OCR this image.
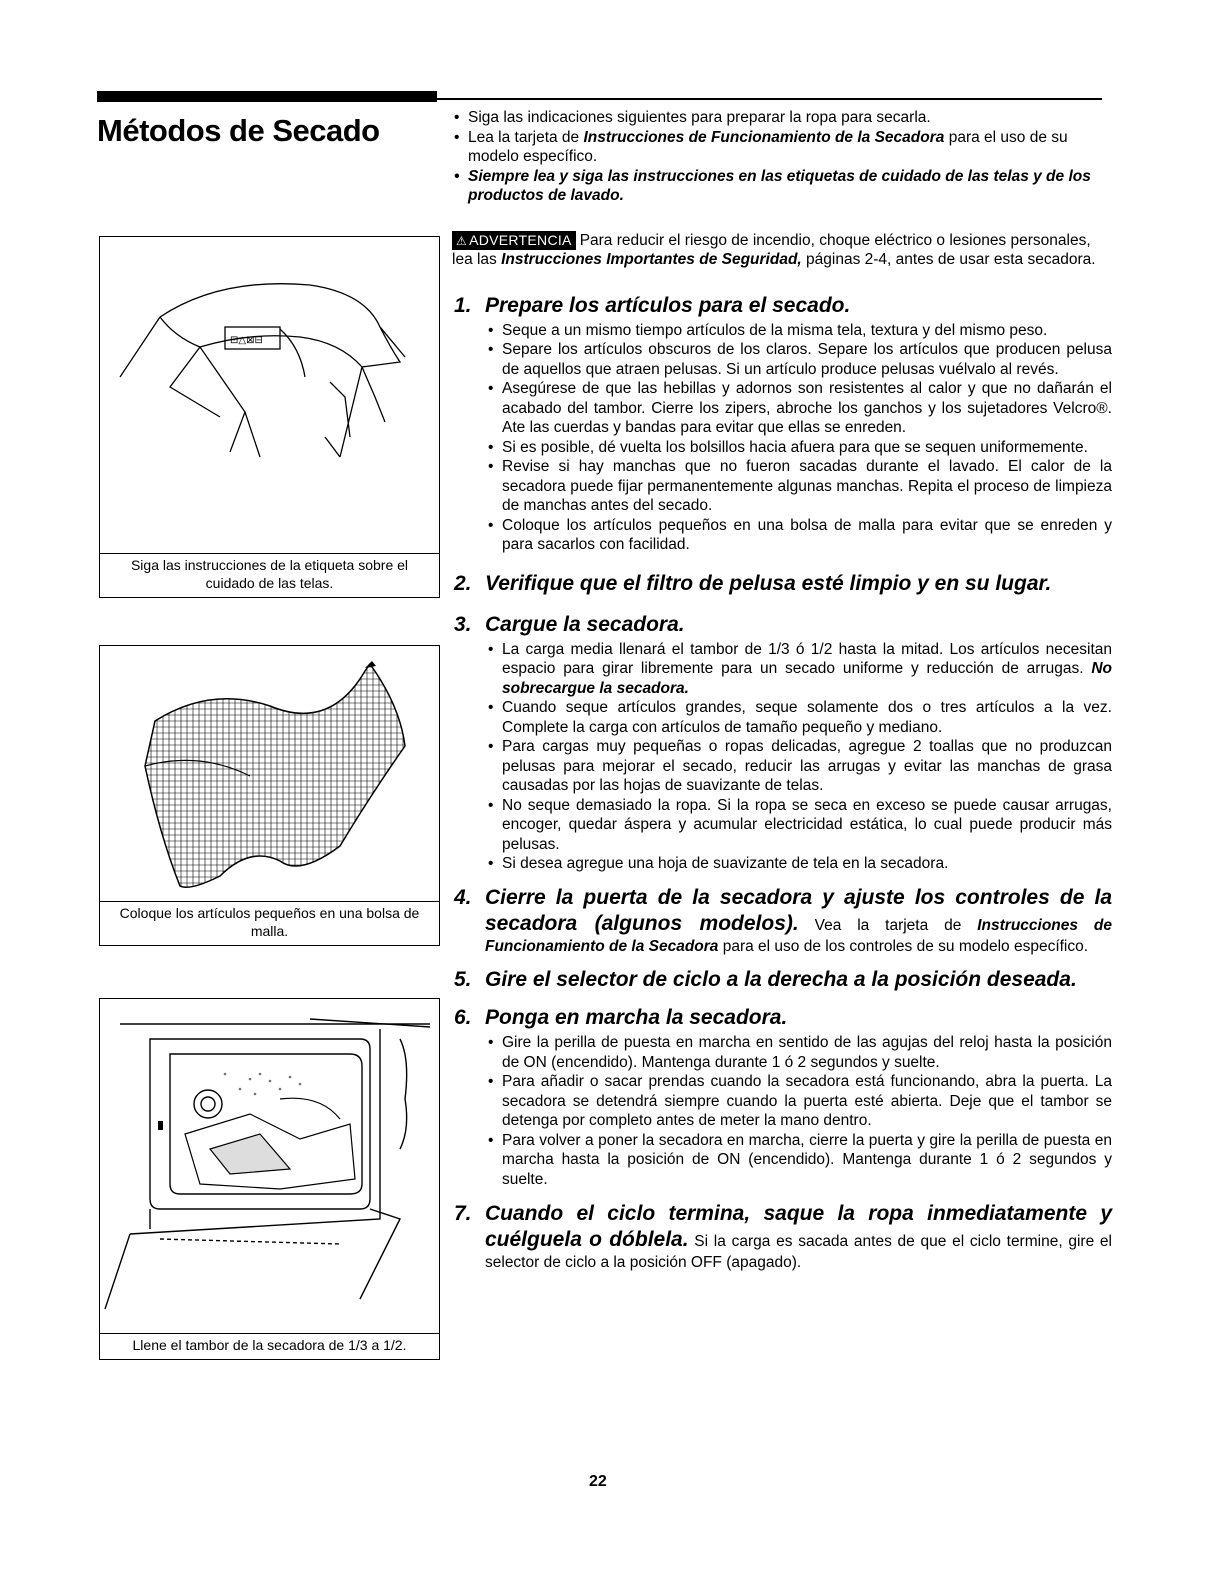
Métodos de Secado
⊡△⊠⊟
Siga las instrucciones de la etiqueta sobre el cuidado de las telas.
Coloque los artículos pequeños en una bolsa de malla.
Llene el tambor de la secadora de 1/3 a 1/2.
• Siga las indicaciones siguientes para preparar la ropa para secarla.
• Lea la tarjeta de Instrucciones de Funcionamiento de la Secadora para el uso de su modelo específico.
• Siempre lea y siga las instrucciones en las etiquetas de cuidado de las telas y de los productos de lavado.

⚠ ADVERTENCIA Para reducir el riesgo de incendio, choque eléctrico o lesiones personales, lea las Instrucciones Importantes de Seguridad, páginas 2-4, antes de usar esta secadora.

1. Prepare los artículos para el secado.
• Seque a un mismo tiempo artículos de la misma tela, textura y del mismo peso.
• Separe los artículos obscuros de los claros. Separe los artículos que producen pelusa de aquellos que atraen pelusas. Si un artículo produce pelusas vuélvalo al revés.
• Asegúrese de que las hebillas y adornos son resistentes al calor y que no dañarán el acabado del tambor. Cierre los zipers, abroche los ganchos y los sujetadores Velcro®. Ate las cuerdas y bandas para evitar que ellas se enreden.
• Si es posible, dé vuelta los bolsillos hacia afuera para que se sequen uniformemente.
• Revise si hay manchas que no fueron sacadas durante el lavado. El calor de la secadora puede fijar permanentemente algunas manchas. Repita el proceso de limpieza de manchas antes del secado.
• Coloque los artículos pequeños en una bolsa de malla para evitar que se enreden y para sacarlos con facilidad.
2. Verifique que el filtro de pelusa esté limpio y en su lugar.
3. Cargue la secadora.
• La carga media llenará el tambor de 1/3 ó 1/2 hasta la mitad. Los artículos necesitan espacio para girar libremente para un secado uniforme y reducción de arrugas. No sobrecargue la secadora.
• Cuando seque artículos grandes, seque solamente dos o tres artículos a la vez. Complete la carga con artículos de tamaño pequeño y mediano.
• Para cargas muy pequeñas o ropas delicadas, agregue 2 toallas que no produzcan pelusas para mejorar el secado, reducir las arrugas y evitar las manchas de grasa causadas por las hojas de suavizante de telas.
• No seque demasiado la ropa. Si la ropa se seca en exceso se puede causar arrugas, encoger, quedar áspera y acumular electricidad estática, lo cual puede producir más pelusas.
• Si desea agregue una hoja de suavizante de tela en la secadora.
4. Cierre la puerta de la secadora y ajuste los controles de la secadora (algunos modelos). Vea la tarjeta de Instrucciones de Funcionamiento de la Secadora para el uso de los controles de su modelo específico.
5. Gire el selector de ciclo a la derecha a la posición deseada.
6. Ponga en marcha la secadora.
• Gire la perilla de puesta en marcha en sentido de las agujas del reloj hasta la posición de ON (encendido). Mantenga durante 1 ó 2 segundos y suelte.
• Para añadir o sacar prendas cuando la secadora está funcionando, abra la puerta. La secadora se detendrá siempre cuando la puerta esté abierta. Deje que el tambor se detenga por completo antes de meter la mano dentro.
• Para volver a poner la secadora en marcha, cierre la puerta y gire la perilla de puesta en marcha hasta la posición de ON (encendido). Mantenga durante 1 ó 2 segundos y suelte.
7. Cuando el ciclo termina, saque la ropa inmediatamente y cuélguela o dóblela. Si la carga es sacada antes de que el ciclo termine, gire el selector de ciclo a la posición OFF (apagado).
22
